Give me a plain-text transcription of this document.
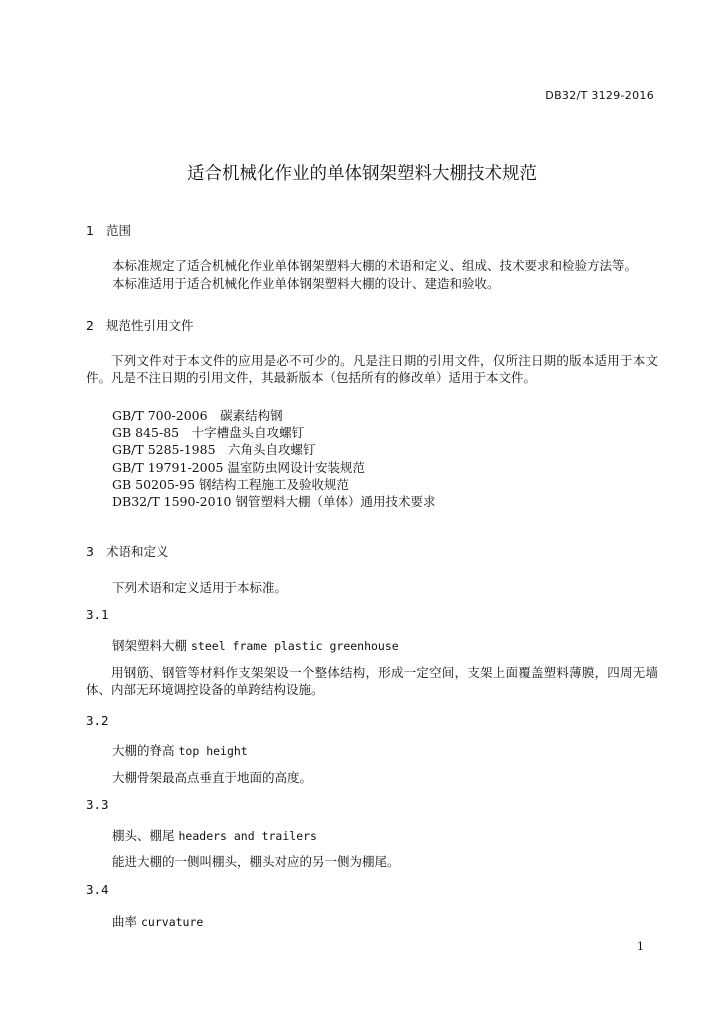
DB32/T 3129-2016
适合机械化作业的单体钢架塑料大棚技术规范
1 范围
本标准规定了适合机械化作业单体钢架塑料大棚的术语和定义、组成、技术要求和检验方法等。
本标准适用于适合机械化作业单体钢架塑料大棚的设计、建造和验收。
2 规范性引用文件
下列文件对于本文件的应用是必不可少的。凡是注日期的引用文件，仅所注日期的版本适用于本文件。凡是不注日期的引用文件，其最新版本（包括所有的修改单）适用于本文件。
GB/T 700-2006　碳素结构钢
GB 845-85　十字槽盘头自攻螺钉
GB/T 5285-1985　六角头自攻螺钉
GB/T 19791-2005 温室防虫网设计安装规范
GB 50205-95 钢结构工程施工及验收规范
DB32/T 1590-2010 钢管塑料大棚（单体）通用技术要求
3 术语和定义
下列术语和定义适用于本标准。
3.1
钢架塑料大棚 steel frame plastic greenhouse
用钢筋、钢管等材料作支架架设一个整体结构，形成一定空间，支架上面覆盖塑料薄膜，四周无墙体、内部无环境调控设备的单跨结构设施。
3.2
大棚的脊高 top height
大棚骨架最高点垂直于地面的高度。
3.3
棚头、棚尾 headers and trailers
能进大棚的一侧叫棚头，棚头对应的另一侧为棚尾。
3.4
曲率 curvature
1
